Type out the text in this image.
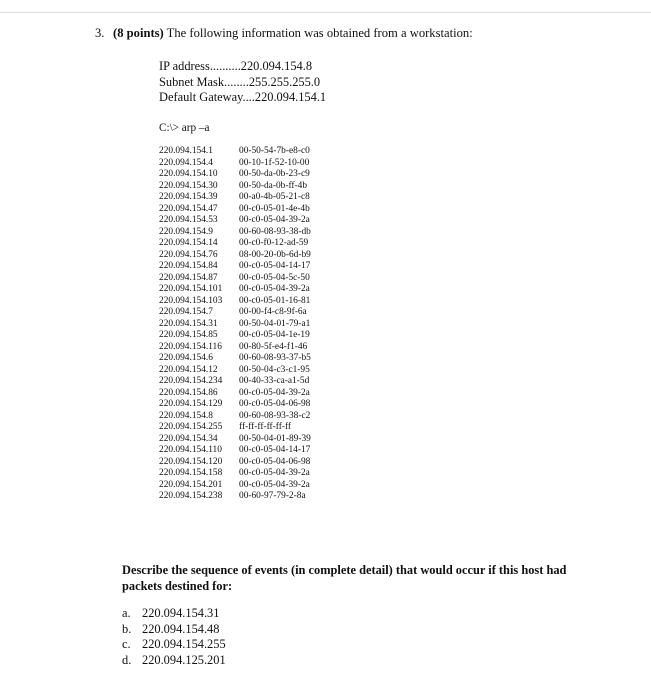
3. (8 points) The following information was obtained from a workstation:
IP address..........220.094.154.8
Subnet Mask........255.255.255.0
Default Gateway....220.094.154.1
C:\> arp –a
220.094.154.1	00-50-54-7b-e8-c0
220.094.154.4	00-10-1f-52-10-00
220.094.154.10	00-50-da-0b-23-c9
220.094.154.30	00-50-da-0b-ff-4b
220.094.154.39	00-a0-4b-05-21-c8
220.094.154.47	00-c0-05-01-4e-4b
220.094.154.53	00-c0-05-04-39-2a
220.094.154.9	00-60-08-93-38-db
220.094.154.14	00-c0-f0-12-ad-59
220.094.154.76	08-00-20-0b-6d-b9
220.094.154.84	00-c0-05-04-14-17
220.094.154.87	00-c0-05-04-5c-50
220.094.154.101	00-c0-05-04-39-2a
220.094.154.103	00-c0-05-01-16-81
220.094.154.7	00-00-f4-c8-9f-6a
220.094.154.31	00-50-04-01-79-a1
220.094.154.85	00-c0-05-04-1e-19
220.094.154.116	00-80-5f-e4-f1-46
220.094.154.6	00-60-08-93-37-b5
220.094.154.12	00-50-04-c3-c1-95
220.094.154.234	00-40-33-ca-a1-5d
220.094.154.86	00-c0-05-04-39-2a
220.094.154.129	00-c0-05-04-06-98
220.094.154.8	00-60-08-93-38-c2
220.094.154.255	ff-ff-ff-ff-ff-ff
220.094.154.34	00-50-04-01-89-39
220.094.154.110	00-c0-05-04-14-17
220.094.154.120	00-c0-05-04-06-98
220.094.154.158	00-c0-05-04-39-2a
220.094.154.201	00-c0-05-04-39-2a
220.094.154.238	00-60-97-79-2-8a
Describe the sequence of events (in complete detail) that would occur if this host had packets destined for:
a. 220.094.154.31
b. 220.094.154.48
c. 220.094.154.255
d. 220.094.125.201
